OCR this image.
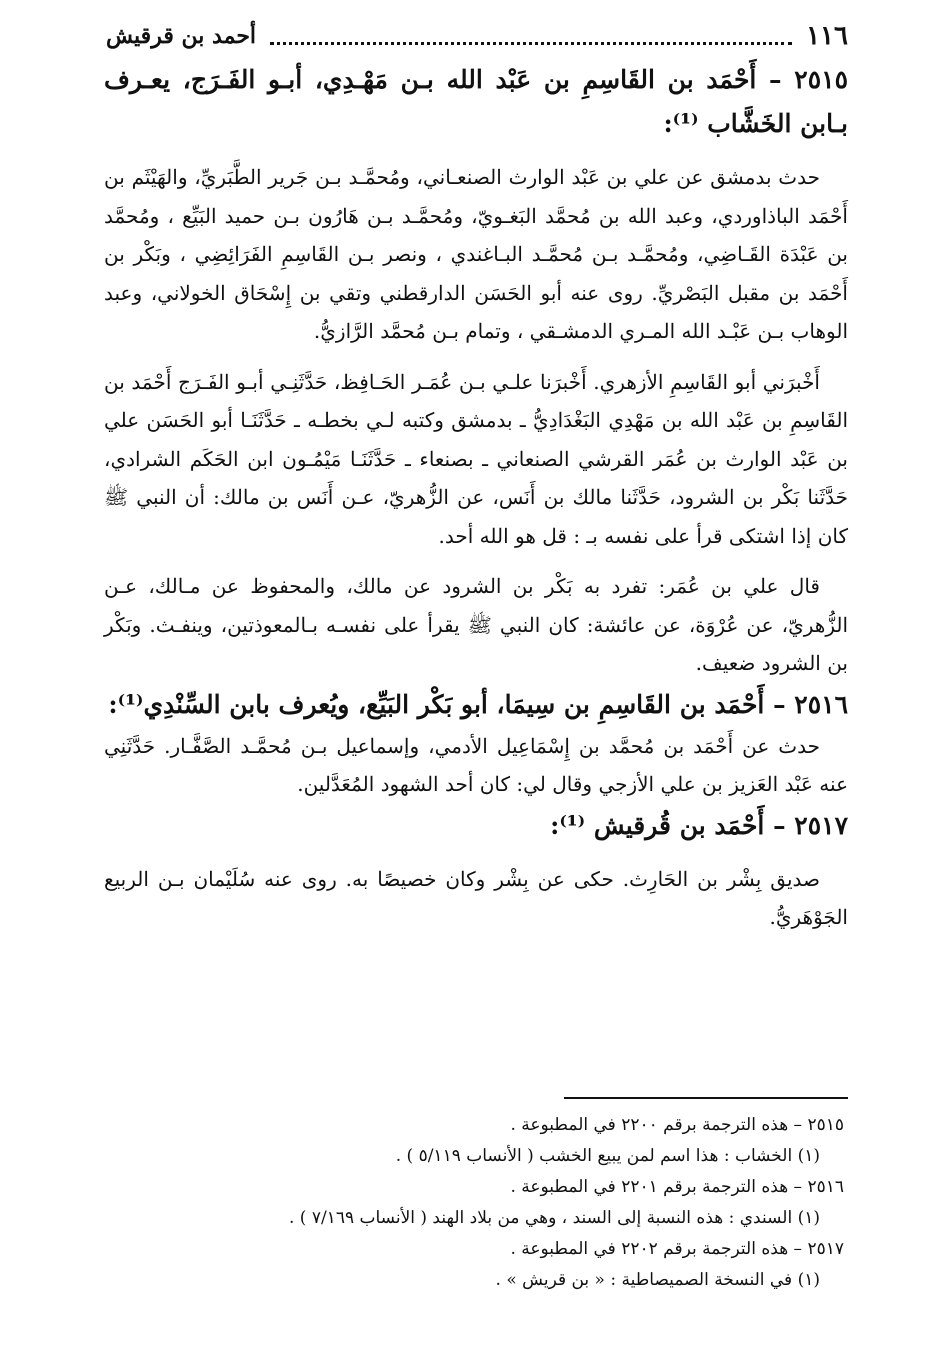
١١٦
أحمد بن قرقيش
٢٥١٥ – أَحْمَد بن القَاسِمِ بن عَبْد الله بـن مَهْـدِي، أبـو الفَـرَج، يعـرف بـابن الخَشَّاب ⁽¹⁾:

حدث بدمشق عن علي بن عَبْد الوارث الصنعـاني، ومُحمَّـد بـن جَرير الطَّبَريِّ، والهَيْثَم بن أَحْمَد الباذاوردي، وعبد الله بن مُحمَّد البَغـويّ، ومُحمَّـد بـن هَارُون بـن حميد البَيِّع ، ومُحمَّد بن عَبْدَة القَـاضِي، ومُحمَّـد بـن مُحمَّـد البـاغندي ، ونصر بـن القَاسِمِ الفَرَائِضِي ، وبَكْر بن أَحْمَد بن مقبل البَصْريِّ. روى عنه أبو الحَسَن الدارقطني وتقي بن إِسْحَاق الخولاني، وعبد الوهاب بـن عَبْـد الله المـري الدمشـقي ، وتمام بـن مُحمَّد الرَّازيُّ.

أَخْبرَني أبو القَاسِمِ الأزهري. أَخْبرَنا علـي بـن عُمَـر الحَـافِظ، حَدَّثَنِـي أبـو الفَـرَج أَحْمَد بن القَاسِمِ بن عَبْد الله بن مَهْدِي البَغْدَادِيُّ ـ بدمشق وكتبه لـي بخطـه ـ حَدَّثَنَـا أبو الحَسَن علي بن عَبْد الوارث بن عُمَر القرشي الصنعاني ـ بصنعاء ـ حَدَّثَنَـا مَيْمُـون ابن الحَكَم الشرادي، حَدَّثَنا بَكْر بن الشرود، حَدَّثَنا مالك بن أَنَس، عن الزُّهريّ، عـن أَنَس بن مالك: أن النبي ﷺ كان إذا اشتكى قرأ على نفسه بـ : قل هو الله أحد.

قال علي بن عُمَر: تفرد به بَكْر بن الشرود عن مالك، والمحفوظ عن مـالك، عـن الزُّهريّ، عن عُرْوَة، عن عائشة: كان النبي ﷺ يقرأ على نفسـه بـالمعوذتين، وينفـث. وبَكْر بن الشرود ضعيف.

٢٥١٦ – أَحْمَد بن القَاسِمِ بن سِيمَا، أبو بَكْر البَيِّع، ويُعرف بابن السِّنْدِي⁽¹⁾:

حدث عن أَحْمَد بن مُحمَّد بن إِسْمَاعِيل الأدمي، وإسماعيل بـن مُحمَّـد الصَّفَّـار. حَدَّثَنِي عنه عَبْد العَزيز بن علي الأزجي وقال لي: كان أحد الشهود المُعَدَّلين.

٢٥١٧ – أَحْمَد بن قُرقيش ⁽¹⁾:

صديق بِشْر بن الحَارِث. حكى عن بِشْر وكان خصيصًا به. روى عنه سُلَيْمان بـن الربيع الجَوْهَريُّ.

٢٥١٥ – هذه الترجمة برقم ٢٢٠٠ في المطبوعة .

(١) الخشاب : هذا اسم لمن يبيع الخشب ( الأنساب ٥/١١٩ ) .

٢٥١٦ – هذه الترجمة برقم ٢٢٠١ في المطبوعة .

(١) السندي : هذه النسبة إلى السند ، وهي من بلاد الهند ( الأنساب ٧/١٦٩ ) .

٢٥١٧ – هذه الترجمة برقم ٢٢٠٢ في المطبوعة .

(١) في النسخة الصميصاطية : « بن قريش » .
